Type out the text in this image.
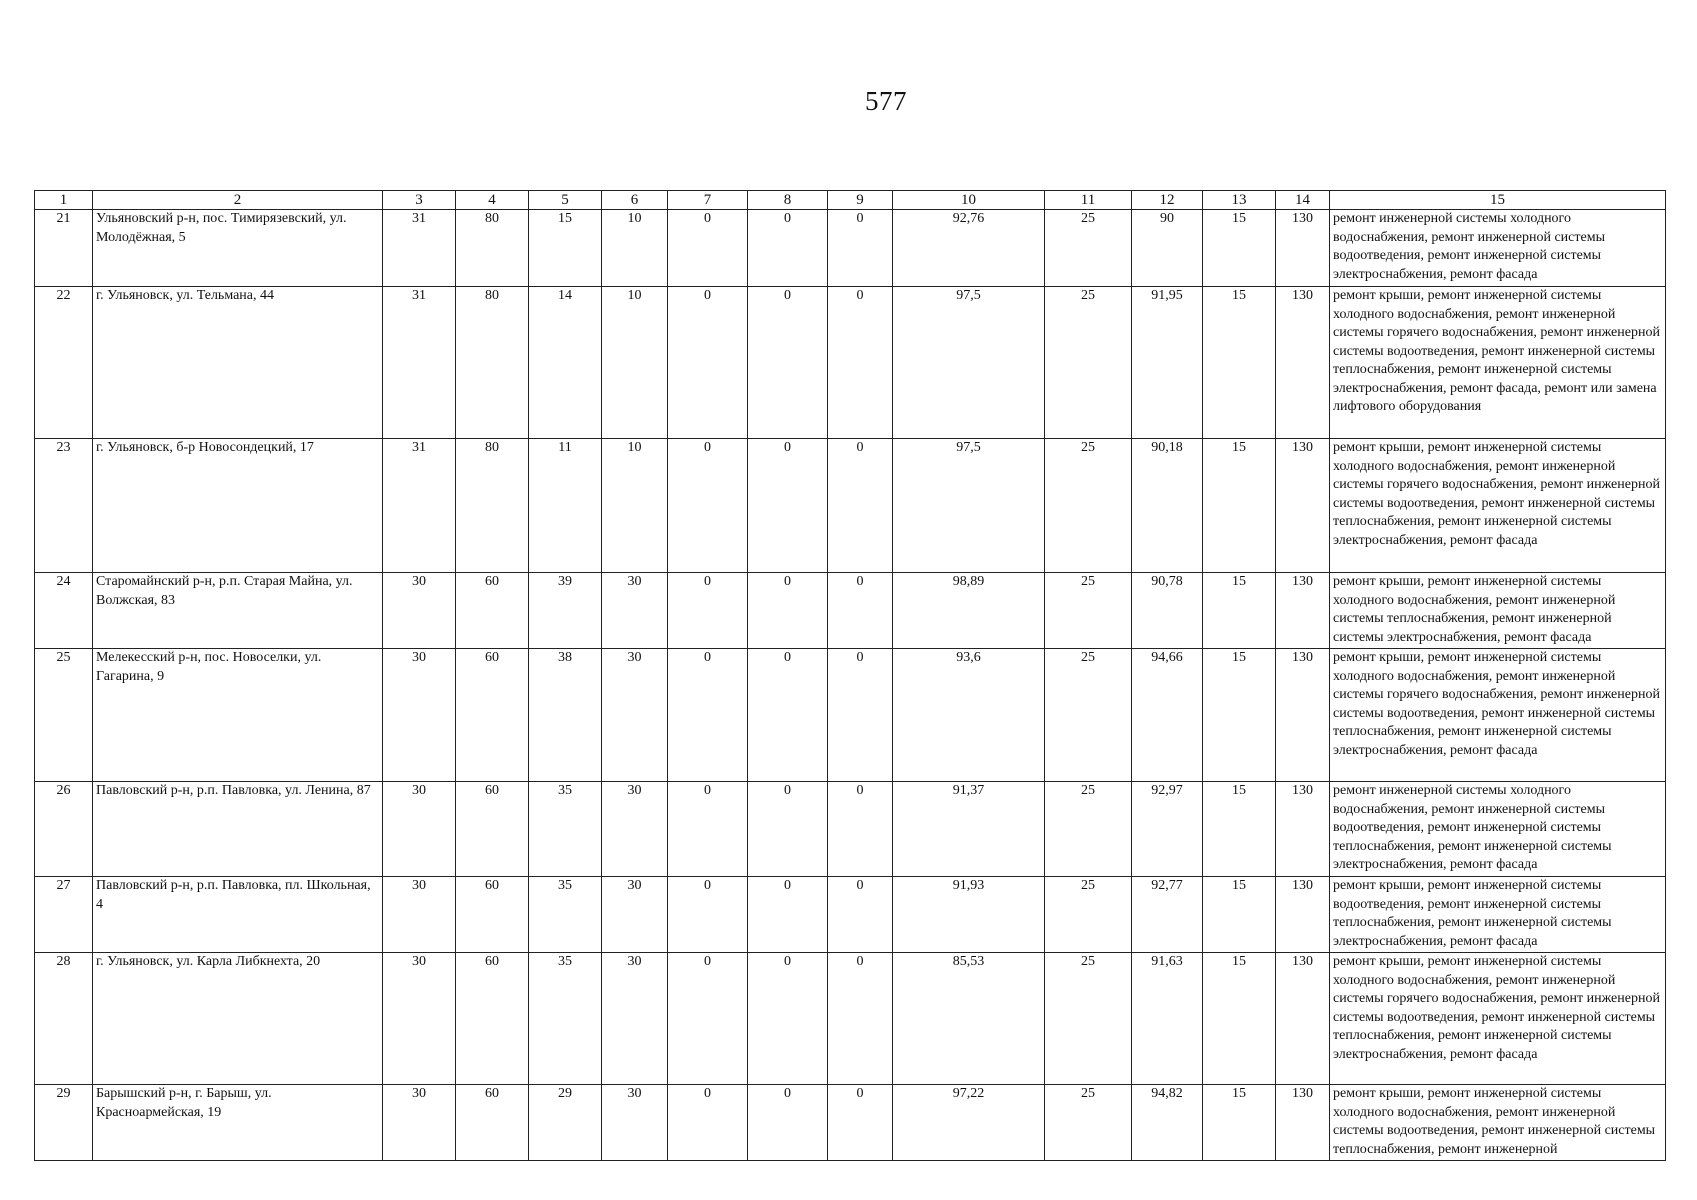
577
1	2	3	4	5	6	7	8	9	10	11	12	13	14	15
21	Ульяновский р-н, пос. Тимирязевский, ул. Молодёжная, 5	31	80	15	10	0	0	0	92,76	25	90	15	130	ремонт инженерной системы холодного водоснабжения, ремонт инженерной системы водоотведения, ремонт инженерной системы электроснабжения, ремонт фасада
22	г. Ульяновск, ул. Тельмана, 44	31	80	14	10	0	0	0	97,5	25	91,95	15	130	ремонт крыши, ремонт инженерной системы холодного водоснабжения, ремонт инженерной системы горячего водоснабжения, ремонт инженерной системы водоотведения, ремонт инженерной системы теплоснабжения, ремонт инженерной системы электроснабжения, ремонт фасада, ремонт или замена лифтового оборудования
23	г. Ульяновск, б-р Новосондецкий, 17	31	80	11	10	0	0	0	97,5	25	90,18	15	130	ремонт крыши, ремонт инженерной системы холодного водоснабжения, ремонт инженерной системы горячего водоснабжения, ремонт инженерной системы водоотведения, ремонт инженерной системы теплоснабжения, ремонт инженерной системы электроснабжения, ремонт фасада
24	Старомайнский р-н, р.п. Старая Майна, ул. Волжская, 83	30	60	39	30	0	0	0	98,89	25	90,78	15	130	ремонт крыши, ремонт инженерной системы холодного водоснабжения, ремонт инженерной системы теплоснабжения, ремонт инженерной системы электроснабжения, ремонт фасада
25	Мелекесский р-н, пос. Новоселки, ул. Гагарина, 9	30	60	38	30	0	0	0	93,6	25	94,66	15	130	ремонт крыши, ремонт инженерной системы холодного водоснабжения, ремонт инженерной системы горячего водоснабжения, ремонт инженерной системы водоотведения, ремонт инженерной системы теплоснабжения, ремонт инженерной системы электроснабжения, ремонт фасада
26	Павловский р-н, р.п. Павловка, ул. Ленина, 87	30	60	35	30	0	0	0	91,37	25	92,97	15	130	ремонт инженерной системы холодного водоснабжения, ремонт инженерной системы водоотведения, ремонт инженерной системы теплоснабжения, ремонт инженерной системы электроснабжения, ремонт фасада
27	Павловский р-н, р.п. Павловка, пл. Школьная, 4	30	60	35	30	0	0	0	91,93	25	92,77	15	130	ремонт крыши, ремонт инженерной системы водоотведения, ремонт инженерной системы теплоснабжения, ремонт инженерной системы электроснабжения, ремонт фасада
28	г. Ульяновск, ул. Карла Либкнехта, 20	30	60	35	30	0	0	0	85,53	25	91,63	15	130	ремонт крыши, ремонт инженерной системы холодного водоснабжения, ремонт инженерной системы горячего водоснабжения, ремонт инженерной системы водоотведения, ремонт инженерной системы теплоснабжения, ремонт инженерной системы электроснабжения, ремонт фасада
29	Барышский р-н, г. Барыш, ул. Красноармейская, 19	30	60	29	30	0	0	0	97,22	25	94,82	15	130	ремонт крыши, ремонт инженерной системы холодного водоснабжения, ремонт инженерной системы водоотведения, ремонт инженерной системы теплоснабжения, ремонт инженерной
